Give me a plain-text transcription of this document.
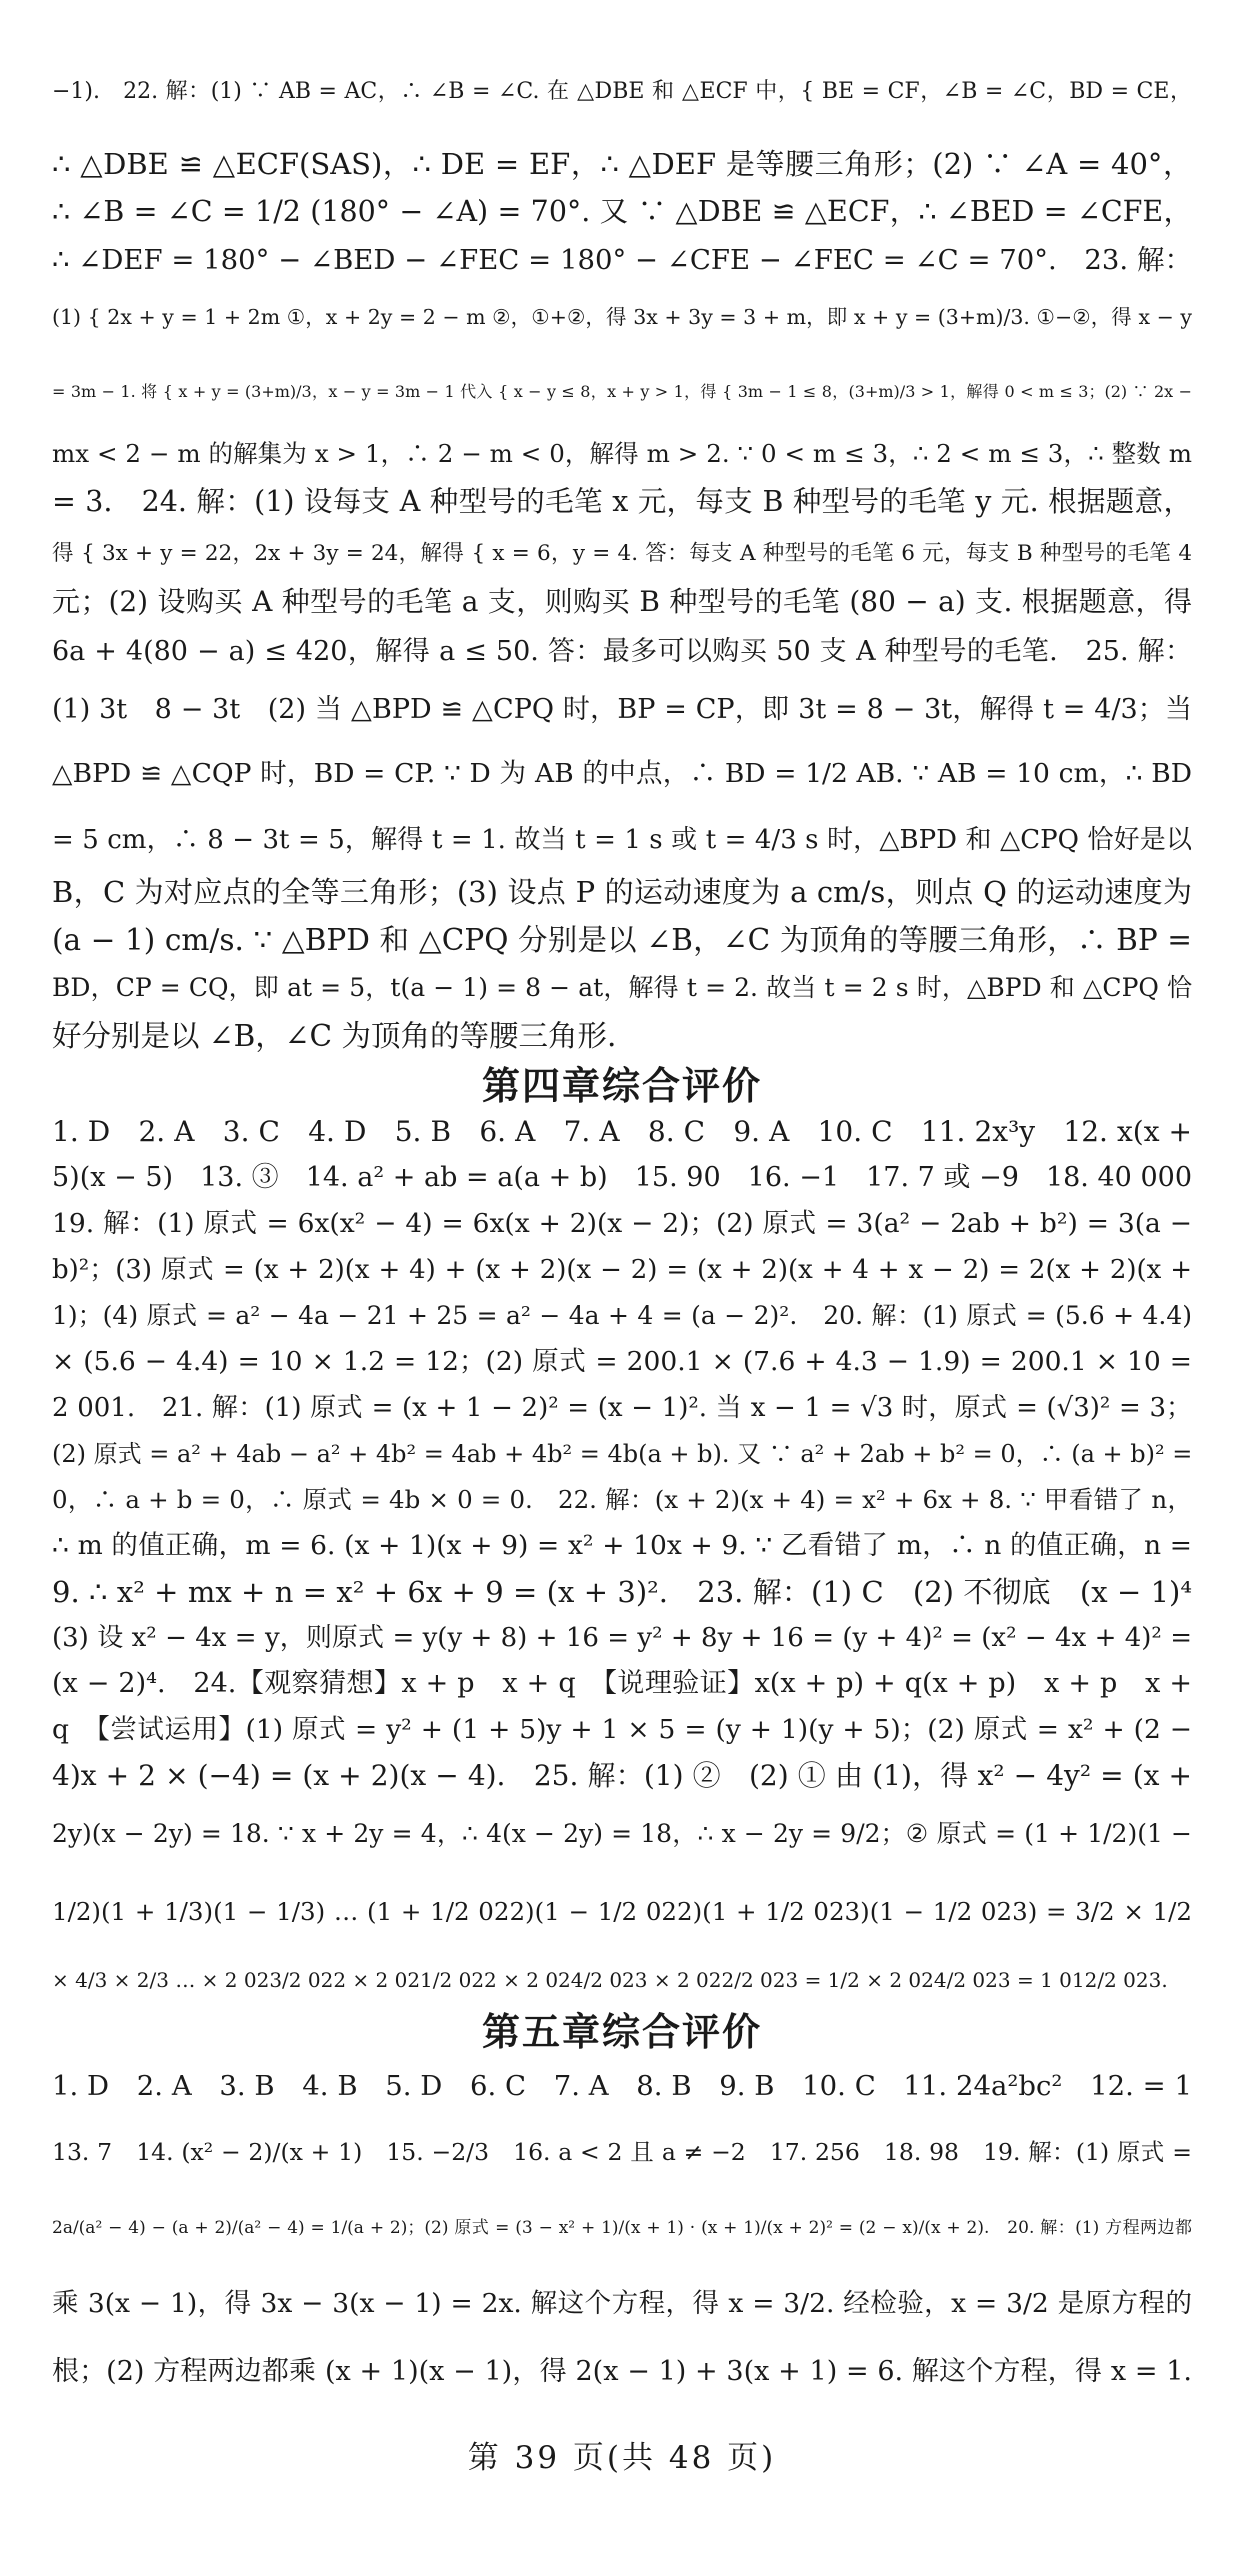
−1).　22. 解：(1) ∵ AB = AC，∴ ∠B = ∠C. 在 △DBE 和 △ECF 中，{ BE = CF，∠B = ∠C，BD = CE，
∴ △DBE ≌ △ECF(SAS)，∴ DE = EF，∴ △DEF 是等腰三角形；(2) ∵ ∠A = 40°，
∴ ∠B = ∠C = 1/2 (180° − ∠A) = 70°. 又 ∵ △DBE ≌ △ECF，∴ ∠BED = ∠CFE，
∴ ∠DEF = 180° − ∠BED − ∠FEC = 180° − ∠CFE − ∠FEC = ∠C = 70°.　23. 解：
(1) { 2x + y = 1 + 2m ①，x + 2y = 2 − m ②，①+②，得 3x + 3y = 3 + m，即 x + y = (3+m)/3. ①−②，得 x − y
= 3m − 1. 将 { x + y = (3+m)/3，x − y = 3m − 1 代入 { x − y ≤ 8，x + y > 1，得 { 3m − 1 ≤ 8，(3+m)/3 > 1，解得 0 < m ≤ 3；(2) ∵ 2x −
mx < 2 − m 的解集为 x > 1，∴ 2 − m < 0，解得 m > 2. ∵ 0 < m ≤ 3，∴ 2 < m ≤ 3，∴ 整数 m
= 3.　24. 解：(1) 设每支 A 种型号的毛笔 x 元，每支 B 种型号的毛笔 y 元. 根据题意，
得 { 3x + y = 22，2x + 3y = 24，解得 { x = 6，y = 4. 答：每支 A 种型号的毛笔 6 元，每支 B 种型号的毛笔 4
元；(2) 设购买 A 种型号的毛笔 a 支，则购买 B 种型号的毛笔 (80 − a) 支. 根据题意，得
6a + 4(80 − a) ≤ 420，解得 a ≤ 50. 答：最多可以购买 50 支 A 种型号的毛笔.　25. 解：
(1) 3t　8 − 3t　(2) 当 △BPD ≌ △CPQ 时，BP = CP，即 3t = 8 − 3t，解得 t = 4/3；当
△BPD ≌ △CQP 时，BD = CP. ∵ D 为 AB 的中点，∴ BD = 1/2 AB. ∵ AB = 10 cm，∴ BD
= 5 cm，∴ 8 − 3t = 5，解得 t = 1. 故当 t = 1 s 或 t = 4/3 s 时，△BPD 和 △CPQ 恰好是以
B，C 为对应点的全等三角形；(3) 设点 P 的运动速度为 a cm/s，则点 Q 的运动速度为
(a − 1) cm/s. ∵ △BPD 和 △CPQ 分别是以 ∠B，∠C 为顶角的等腰三角形，∴ BP =
BD，CP = CQ，即 at = 5，t(a − 1) = 8 − at，解得 t = 2. 故当 t = 2 s 时，△BPD 和 △CPQ 恰
好分别是以 ∠B，∠C 为顶角的等腰三角形.
第四章综合评价
1. D　2. A　3. C　4. D　5. B　6. A　7. A　8. C　9. A　10. C　11. 2x³y　12. x(x +
5)(x − 5)　13. ③　14. a² + ab = a(a + b)　15. 90　16. −1　17. 7 或 −9　18. 40 000
19. 解：(1) 原式 = 6x(x² − 4) = 6x(x + 2)(x − 2)；(2) 原式 = 3(a² − 2ab + b²) = 3(a −
b)²；(3) 原式 = (x + 2)(x + 4) + (x + 2)(x − 2) = (x + 2)(x + 4 + x − 2) = 2(x + 2)(x +
1)；(4) 原式 = a² − 4a − 21 + 25 = a² − 4a + 4 = (a − 2)².　20. 解：(1) 原式 = (5.6 + 4.4)
× (5.6 − 4.4) = 10 × 1.2 = 12；(2) 原式 = 200.1 × (7.6 + 4.3 − 1.9) = 200.1 × 10 =
2 001.　21. 解：(1) 原式 = (x + 1 − 2)² = (x − 1)². 当 x − 1 = √3 时，原式 = (√3)² = 3；
(2) 原式 = a² + 4ab − a² + 4b² = 4ab + 4b² = 4b(a + b). 又 ∵ a² + 2ab + b² = 0，∴ (a + b)² =
0，∴ a + b = 0，∴ 原式 = 4b × 0 = 0.　22. 解：(x + 2)(x + 4) = x² + 6x + 8. ∵ 甲看错了 n，
∴ m 的值正确，m = 6. (x + 1)(x + 9) = x² + 10x + 9. ∵ 乙看错了 m，∴ n 的值正确，n =
9. ∴ x² + mx + n = x² + 6x + 9 = (x + 3)².　23. 解：(1) C　(2) 不彻底　(x − 1)⁴
(3) 设 x² − 4x = y，则原式 = y(y + 8) + 16 = y² + 8y + 16 = (y + 4)² = (x² − 4x + 4)² =
(x − 2)⁴.　24.【观察猜想】x + p　x + q　【说理验证】x(x + p) + q(x + p)　x + p　x +
q　【尝试运用】(1) 原式 = y² + (1 + 5)y + 1 × 5 = (y + 1)(y + 5)；(2) 原式 = x² + (2 −
4)x + 2 × (−4) = (x + 2)(x − 4).　25. 解：(1) ②　(2) ① 由 (1)，得 x² − 4y² = (x +
2y)(x − 2y) = 18. ∵ x + 2y = 4，∴ 4(x − 2y) = 18，∴ x − 2y = 9/2；② 原式 = (1 + 1/2)(1 −
1/2)(1 + 1/3)(1 − 1/3) … (1 + 1/2 022)(1 − 1/2 022)(1 + 1/2 023)(1 − 1/2 023) = 3/2 × 1/2
× 4/3 × 2/3 … × 2 023/2 022 × 2 021/2 022 × 2 024/2 023 × 2 022/2 023 = 1/2 × 2 024/2 023 = 1 012/2 023.
第五章综合评价
1. D　2. A　3. B　4. B　5. D　6. C　7. A　8. B　9. B　10. C　11. 24a²bc²　12. = 1
13. 7　14. (x² − 2)/(x + 1)　15. −2/3　16. a < 2 且 a ≠ −2　17. 256　18. 98　19. 解：(1) 原式 =
2a/(a² − 4) − (a + 2)/(a² − 4) = 1/(a + 2)；(2) 原式 = (3 − x² + 1)/(x + 1) · (x + 1)/(x + 2)² = (2 − x)/(x + 2).　20. 解：(1) 方程两边都
乘 3(x − 1)，得 3x − 3(x − 1) = 2x. 解这个方程，得 x = 3/2. 经检验，x = 3/2 是原方程的
根；(2) 方程两边都乘 (x + 1)(x − 1)，得 2(x − 1) + 3(x + 1) = 6. 解这个方程，得 x = 1.
第 39 页(共 48 页)
